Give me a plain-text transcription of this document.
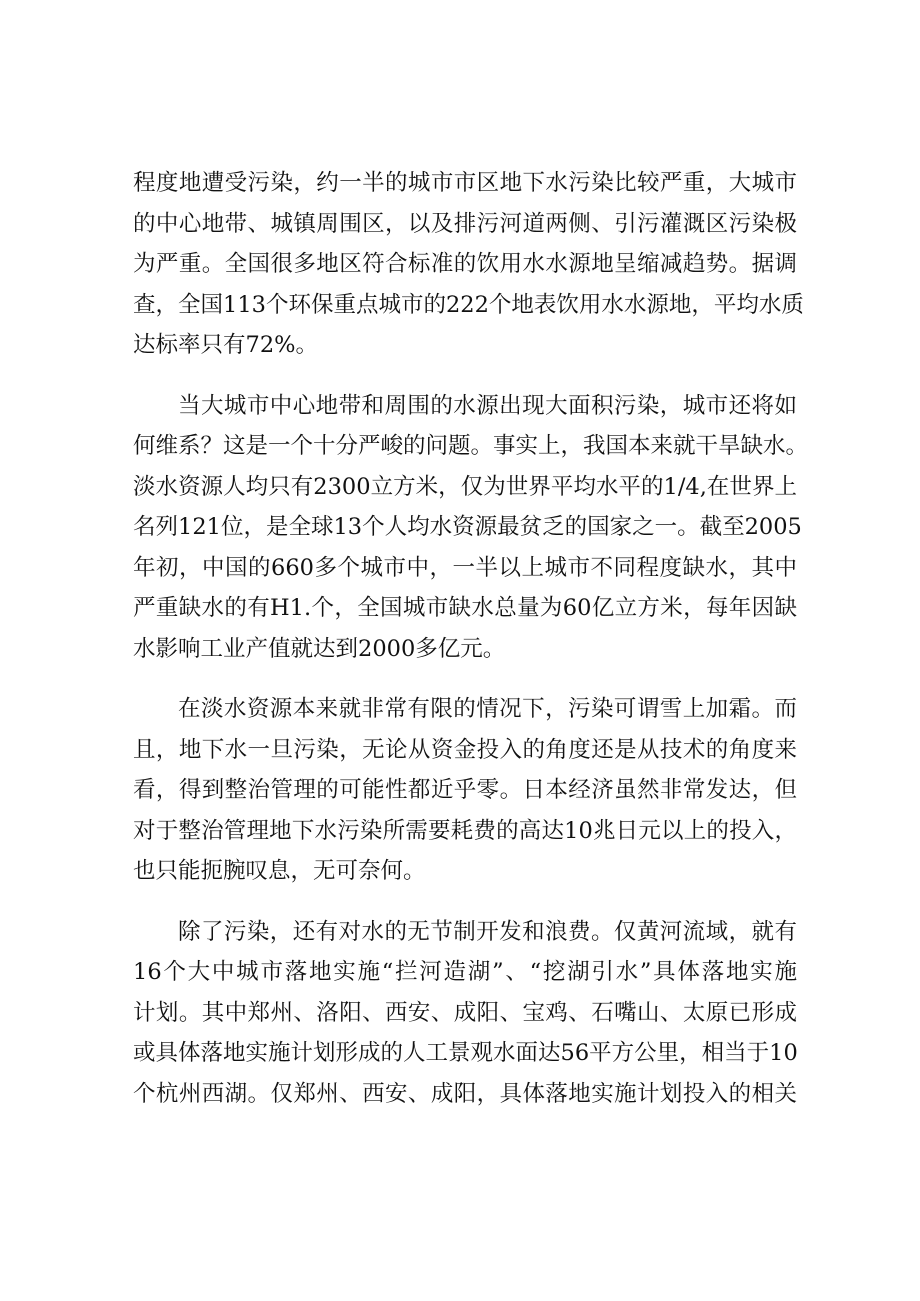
程度地遭受污染，约一半的城市市区地下水污染比较严重，大城市
的中心地带、城镇周围区，以及排污河道两侧、引污灌溉区污染极
为严重。全国很多地区符合标准的饮用水水源地呈缩减趋势。据调
查，全国113个环保重点城市的222个地表饮用水水源地，平均水质
达标率只有72%。
当大城市中心地带和周围的水源出现大面积污染，城市还将如
何维系？这是一个十分严峻的问题。事实上，我国本来就干旱缺水。
淡水资源人均只有2300立方米，仅为世界平均水平的1/4,在世界上
名列121位，是全球13个人均水资源最贫乏的国家之一。截至2005
年初，中国的660多个城市中，一半以上城市不同程度缺水，其中
严重缺水的有H1.个，全国城市缺水总量为60亿立方米，每年因缺
水影响工业产值就达到2000多亿元。
在淡水资源本来就非常有限的情况下，污染可谓雪上加霜。而
且，地下水一旦污染，无论从资金投入的角度还是从技术的角度来
看，得到整治管理的可能性都近乎零。日本经济虽然非常发达，但
对于整治管理地下水污染所需要耗费的高达10兆日元以上的投入，
也只能扼腕叹息，无可奈何。
除了污染，还有对水的无节制开发和浪费。仅黄河流域，就有
16个大中城市落地实施“拦河造湖”、“挖湖引水”具体落地实施
计划。其中郑州、洛阳、西安、成阳、宝鸡、石嘴山、太原已形成
或具体落地实施计划形成的人工景观水面达56平方公里，相当于10
个杭州西湖。仅郑州、西安、成阳，具体落地实施计划投入的相关
